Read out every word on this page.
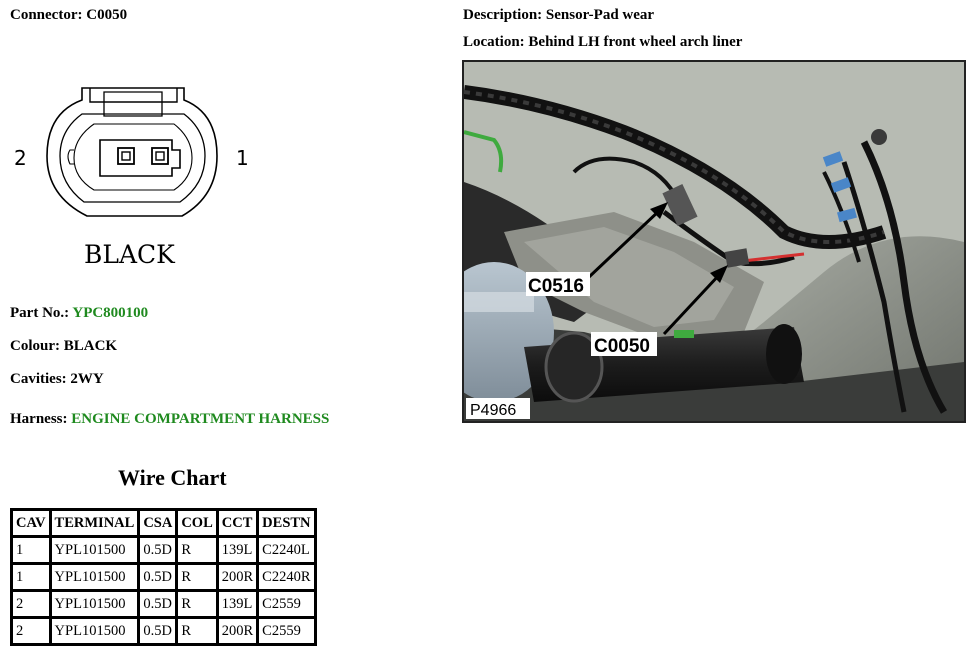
Connector: C0050
2	1
BLACK
Part No.: YPC800100
Colour: BLACK
Cavities: 2WY
Harness: ENGINE COMPARTMENT HARNESS
Description: Sensor-Pad wear
Location: Behind LH front wheel arch liner
C0516
C0050
P4966
Wire Chart
CAV	TERMINAL	CSA	COL	CCT	DESTN
1	YPL101500	0.5D	R	139L	C2240L
1	YPL101500	0.5D	R	200R	C2240R
2	YPL101500	0.5D	R	139L	C2559
2	YPL101500	0.5D	R	200R	C2559
